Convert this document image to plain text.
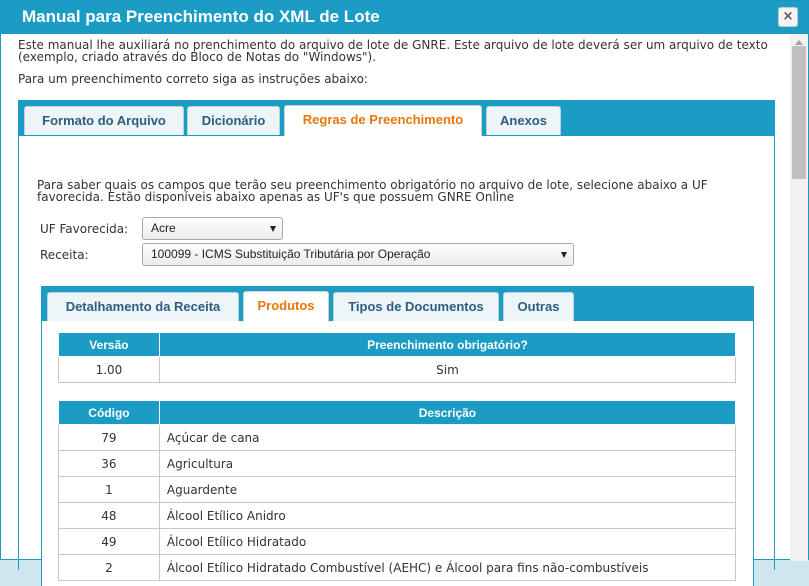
Manual para Preenchimento do XML de Lote	×
Este manual lhe auxiliará no prenchimento do arquivo de lote de GNRE. Este arquivo de lote deverá ser um arquivo de texto (exemplo, criado através do Bloco de Notas do "Windows").
Para um preenchimento correto siga as instruções abaixo:
Formato do Arquivo	Dicionário	Regras de Preenchimento	Anexos
Para saber quais os campos que terão seu preenchimento obrigatório no arquivo de lote, selecione abaixo a UF favorecida. Estão disponíveis abaixo apenas as UF's que possuem GNRE Online
UF Favorecida:	Acre
Receita:	100099 - ICMS Substituição Tributária por Operação
Detalhamento da Receita	Produtos	Tipos de Documentos	Outras
Versão	Preenchimento obrigatório?
1.00	Sim
Código	Descrição
79	Açúcar de cana
36	Agricultura
1	Aguardente
48	Álcool Etílico Anidro
49	Álcool Etílico Hidratado
2	Álcool Etílico Hidratado Combustível (AEHC) e Álcool para fins não-combustíveis
